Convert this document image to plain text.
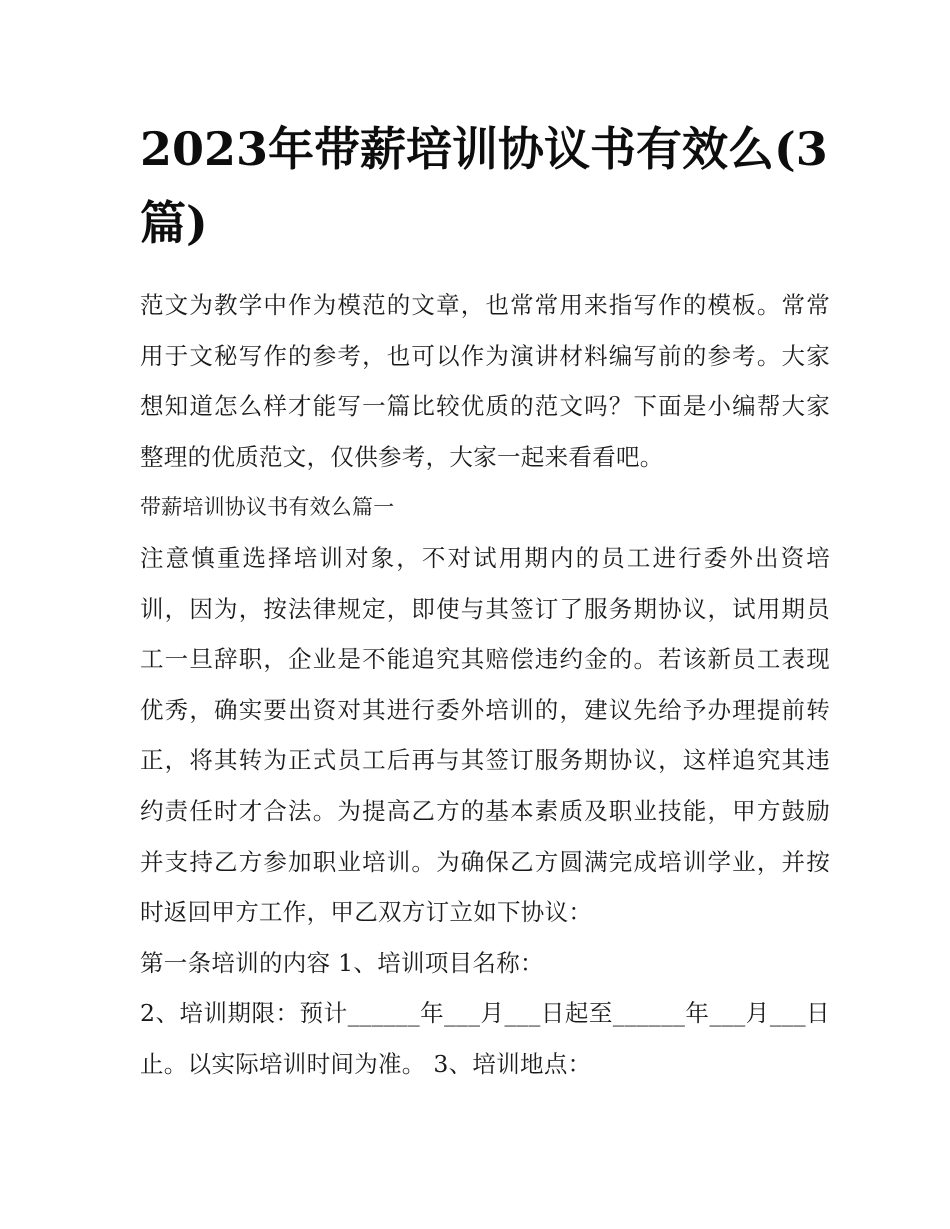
2023年带薪培训协议书有效么(3篇)

范文为教学中作为模范的文章，也常常用来指写作的模板。常常用于文秘写作的参考，也可以作为演讲材料编写前的参考。大家想知道怎么样才能写一篇比较优质的范文吗？下面是小编帮大家整理的优质范文，仅供参考，大家一起来看看吧。

带薪培训协议书有效么篇一

注意慎重选择培训对象，不对试用期内的员工进行委外出资培训，因为，按法律规定，即使与其签订了服务期协议，试用期员工一旦辞职，企业是不能追究其赔偿违约金的。若该新员工表现优秀，确实要出资对其进行委外培训的，建议先给予办理提前转正，将其转为正式员工后再与其签订服务期协议，这样追究其违约责任时才合法。为提高乙方的基本素质及职业技能，甲方鼓励并支持乙方参加职业培训。为确保乙方圆满完成培训学业，并按时返回甲方工作，甲乙双方订立如下协议：

第一条培训的内容 1、培训项目名称：

2、培训期限：预计______年___月___日起至______年___月___日止。以实际培训时间为准。 3、培训地点：
